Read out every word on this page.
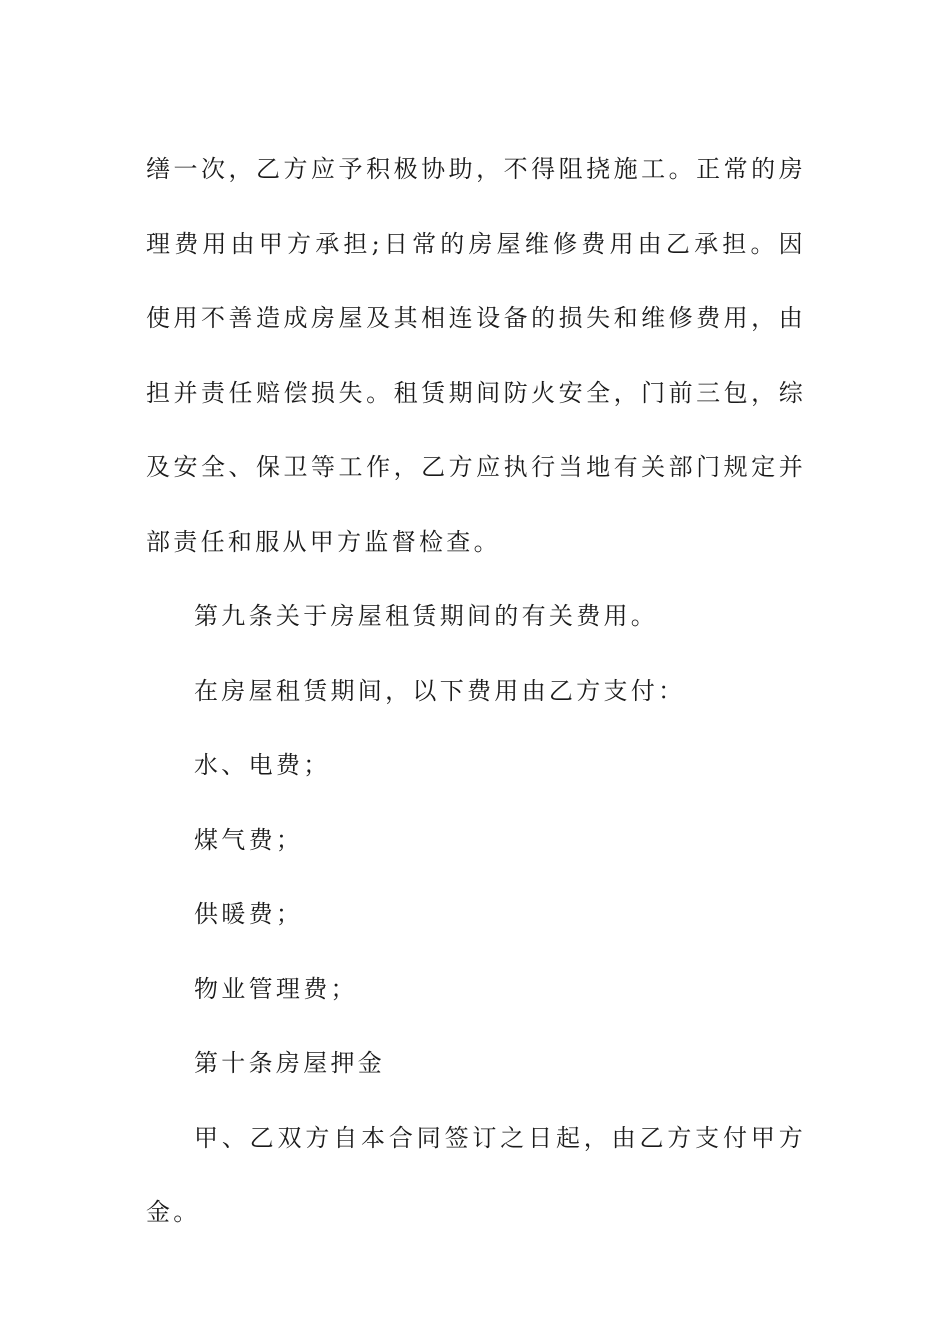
缮一次，乙方应予积极协助，不得阻挠施工。正常的房

理费用由甲方承担;日常的房屋维修费用由乙承担。因

使用不善造成房屋及其相连设备的损失和维修费用，由

担并责任赔偿损失。租赁期间防火安全，门前三包，综

及安全、保卫等工作，乙方应执行当地有关部门规定并

部责任和服从甲方监督检查。

第九条关于房屋租赁期间的有关费用。

在房屋租赁期间，以下费用由乙方支付：

水、电费；

煤气费；

供暖费；

物业管理费；

第十条房屋押金

甲、乙双方自本合同签订之日起，由乙方支付甲方

金。
